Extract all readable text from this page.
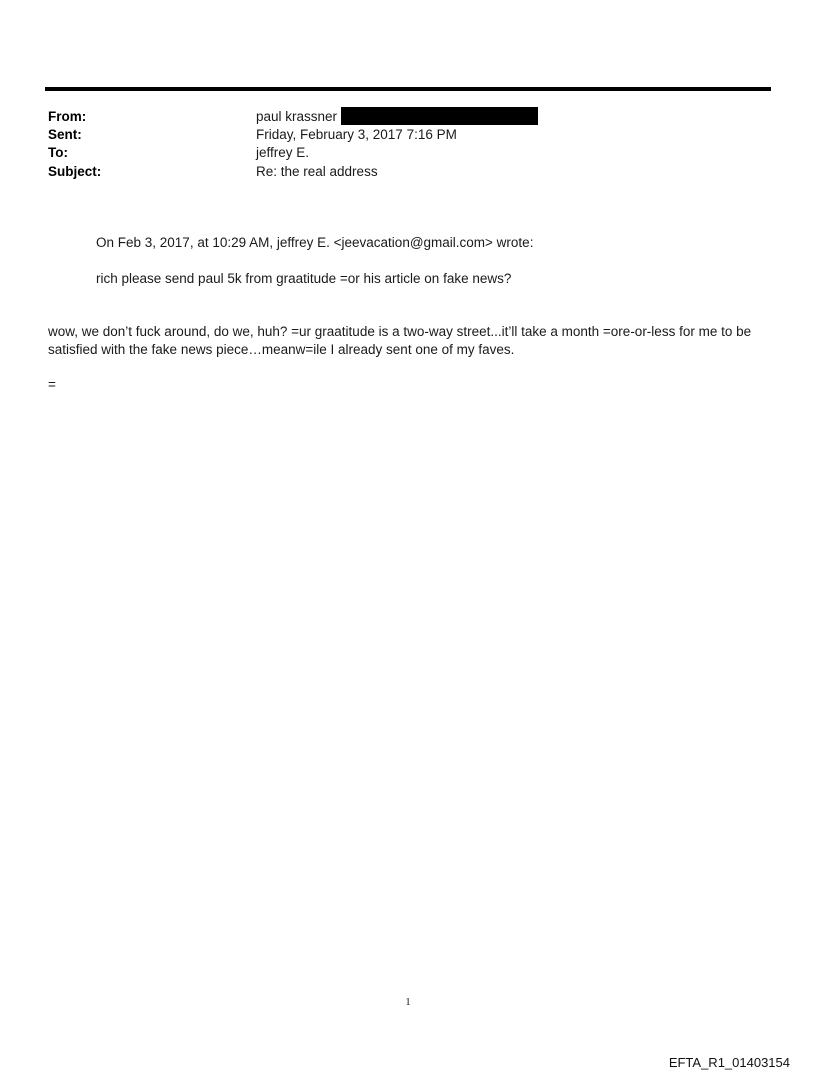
From:	paul krassner
Sent:	Friday, February 3, 2017 7:16 PM
To:	jeffrey E.
Subject:	Re: the real address
On Feb 3, 2017, at 10:29 AM, jeffrey E. <jeevacation@gmail.com> wrote:
rich please send paul 5k from graatitude =or his article on fake news?
wow, we don’t fuck around, do we, huh? =ur graatitude is a two-way street...it’ll take a month =ore-or-less for me to be satisfied with the fake news piece…meanw=ile I already sent one of my faves.
=
1
EFTA_R1_01403154
